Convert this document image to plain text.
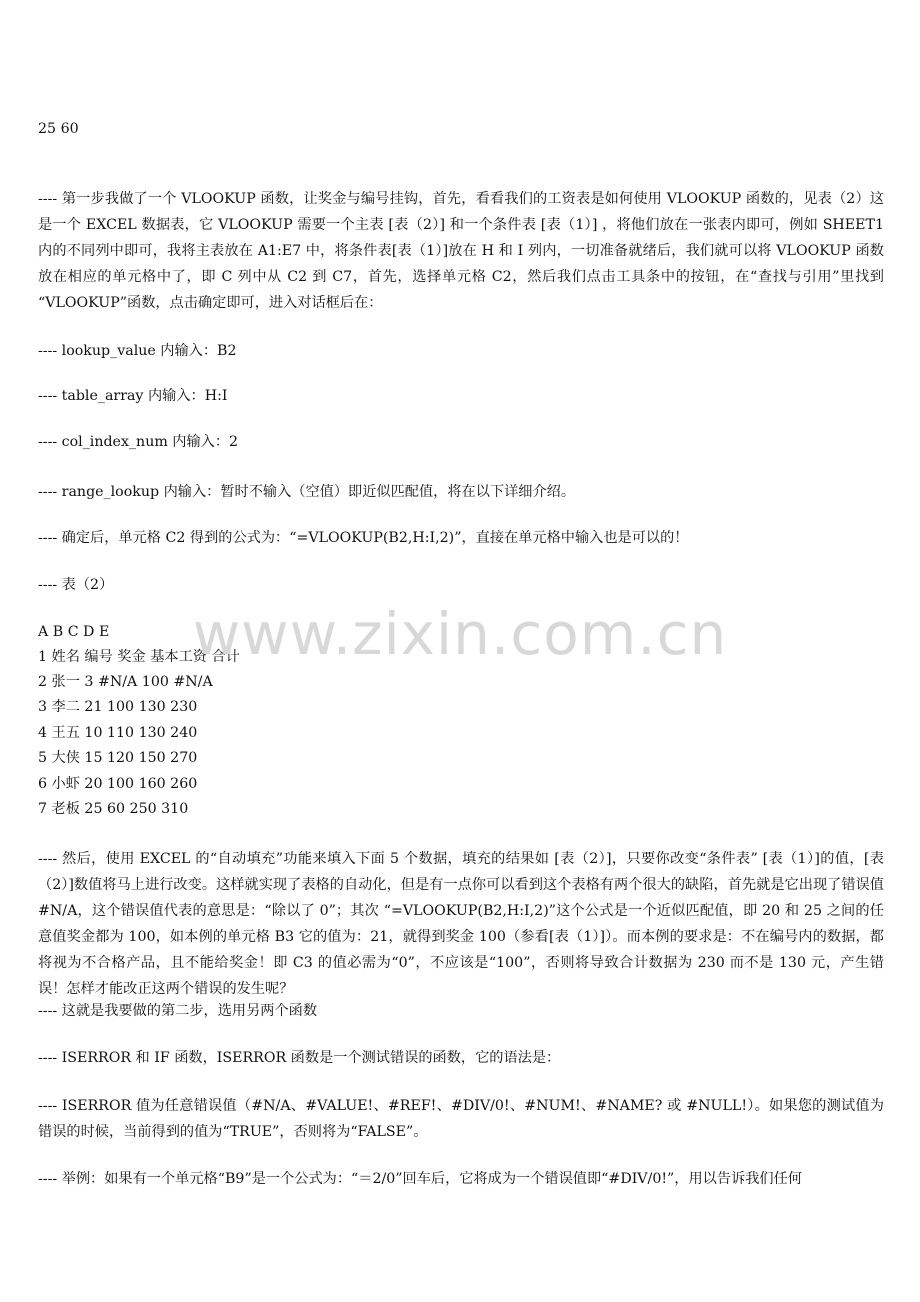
25 60
---- 第一步我做了一个 VLOOKUP 函数，让奖金与编号挂钩，首先，看看我们的工资表是如何使用 VLOOKUP 函数的，见表（2）这是一个 EXCEL 数据表，它 VLOOKUP 需要一个主表 [表（2）] 和一个条件表 [表（1）] ，将他们放在一张表内即可，例如 SHEET1 内的不同列中即可，我将主表放在 A1:E7 中，将条件表[表（1）]放在 H 和 I 列内，一切准备就绪后，我们就可以将 VLOOKUP 函数放在相应的单元格中了，即 C 列中从 C2 到 C7，首先，选择单元格 C2，然后我们点击工具条中的按钮，在“查找与引用”里找到 “VLOOKUP”函数，点击确定即可，进入对话框后在：
---- lookup_value 内输入：B2
---- table_array 内输入：H:I
---- col_index_num 内输入：2
---- range_lookup 内输入：暂时不输入（空值）即近似匹配值，将在以下详细介绍。
---- 确定后，单元格 C2 得到的公式为：“=VLOOKUP(B2,H:I,2)”，直接在单元格中输入也是可以的！
---- 表（2）
A B C D E
1 姓名 编号 奖金 基本工资 合计
2 张一 3 #N/A 100 #N/A
3 李二 21 100 130 230
4 王五 10 110 130 240
5 大侠 15 120 150 270
6 小虾 20 100 160 260
7 老板 25 60 250 310
---- 然后，使用 EXCEL 的“自动填充”功能来填入下面 5 个数据，填充的结果如 [表（2）]，只要你改变“条件表” [表（1）]的值，[表（2）]数值将马上进行改变。这样就实现了表格的自动化，但是有一点你可以看到这个表格有两个很大的缺陷，首先就是它出现了错误值 #N/A，这个错误值代表的意思是：“除以了 0”；其次 “=VLOOKUP(B2,H:I,2)”这个公式是一个近似匹配值，即 20 和 25 之间的任意值奖金都为 100，如本例的单元格 B3 它的值为：21，就得到奖金 100（参看[表（1）]）。而本例的要求是：不在编号内的数据，都将视为不合格产品，且不能给奖金！即 C3 的值必需为“0”，不应该是“100”，否则将导致合计数据为 230 而不是 130 元，产生错误！怎样才能改正这两个错误的发生呢？
---- 这就是我要做的第二步，选用另两个函数
---- ISERROR 和 IF 函数，ISERROR 函数是一个测试错误的函数，它的语法是：
---- ISERROR 值为任意错误值（#N/A、#VALUE!、#REF!、#DIV/0!、#NUM!、#NAME? 或 #NULL!）。如果您的测试值为错误的时候，当前得到的值为“TRUE”，否则将为“FALSE”。
---- 举例：如果有一个单元格“B9”是一个公式为：“＝2/0”回车后，它将成为一个错误值即“#DIV/0!”，用以告诉我们任何
www.zixin.com.cn
